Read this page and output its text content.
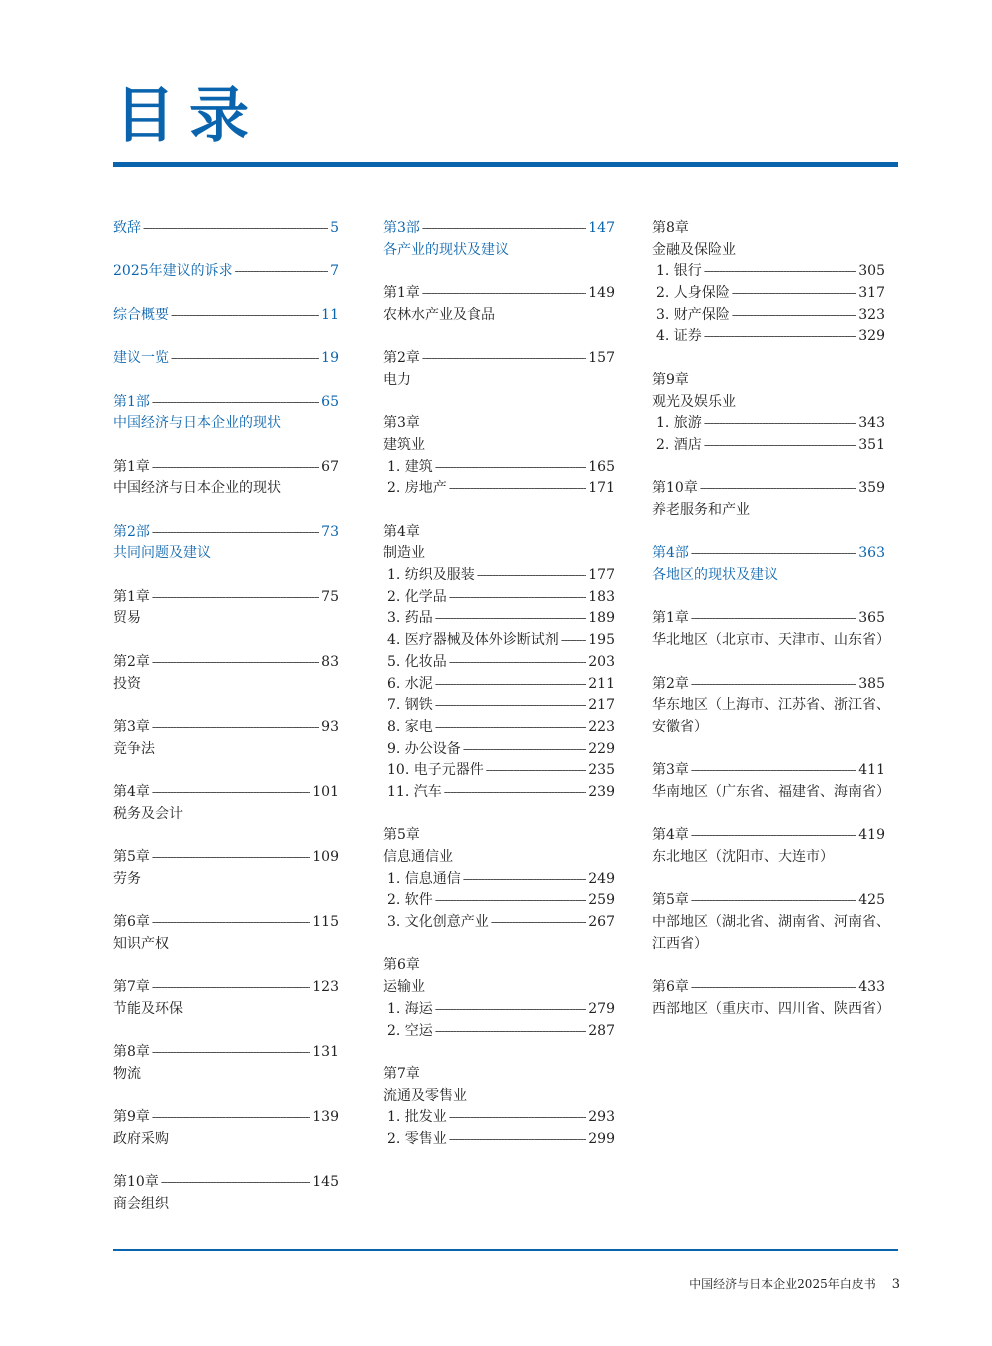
目录
致辞 -----	5
2025年建议的诉求 -----	7
综合概要 -----	11
建议一览 -----	19
第1部 -----	65
中国经济与日本企业的现状
第1章 -----	67
中国经济与日本企业的现状
第2部 -----	73
共同问题及建议
第1章 -----	75
贸易
第2章 -----	83
投资
第3章 -----	93
竞争法
第4章 -----	101
税务及会计
第5章 -----	109
劳务
第6章 -----	115
知识产权
第7章 -----	123
节能及环保
第8章 -----	131
物流
第9章 -----	139
政府采购
第10章 -----	145
商会组织
第3部 -----	147
各产业的现状及建议
第1章 -----	149
农林水产业及食品
第2章 -----	157
电力
第3章
建筑业
1. 建筑 -----	165
2. 房地产 -----	171
第4章
制造业
1. 纺织及服装 -----	177
2. 化学品 -----	183
3. 药品 -----	189
4. 医疗器械及体外诊断试剂 ----- 195
5. 化妆品 -----	203
6. 水泥 -----	211
7. 钢铁 -----	217
8. 家电 -----	223
9. 办公设备 -----	229
10. 电子元器件 -----	235
11. 汽车 -----	239
第5章
信息通信业
1. 信息通信 -----	249
2. 软件 -----	259
3. 文化创意产业 -----	267
第6章
运输业
1. 海运 -----	279
2. 空运 -----	287
第7章
流通及零售业
1. 批发业 -----	293
2. 零售业 -----	299
第8章
金融及保险业
1. 银行 -----	305
2. 人身保险 -----	317
3. 财产保险 -----	323
4. 证券 -----	329
第9章
观光及娱乐业
1. 旅游 -----	343
2. 酒店 -----	351
第10章 -----	359
养老服务和产业
第4部 -----	363
各地区的现状及建议
第1章 -----	365
华北地区（北京市、天津市、山东省）
第2章 -----	385
华东地区（上海市、江苏省、浙江省、
安徽省）
第3章 -----	411
华南地区（广东省、福建省、海南省）
第4章 -----	419
东北地区（沈阳市、大连市）
第5章 -----	425
中部地区（湖北省、湖南省、河南省、
江西省）
第6章 -----	433
西部地区（重庆市、四川省、陕西省）
中国经济与日本企业2025年白皮书 3
